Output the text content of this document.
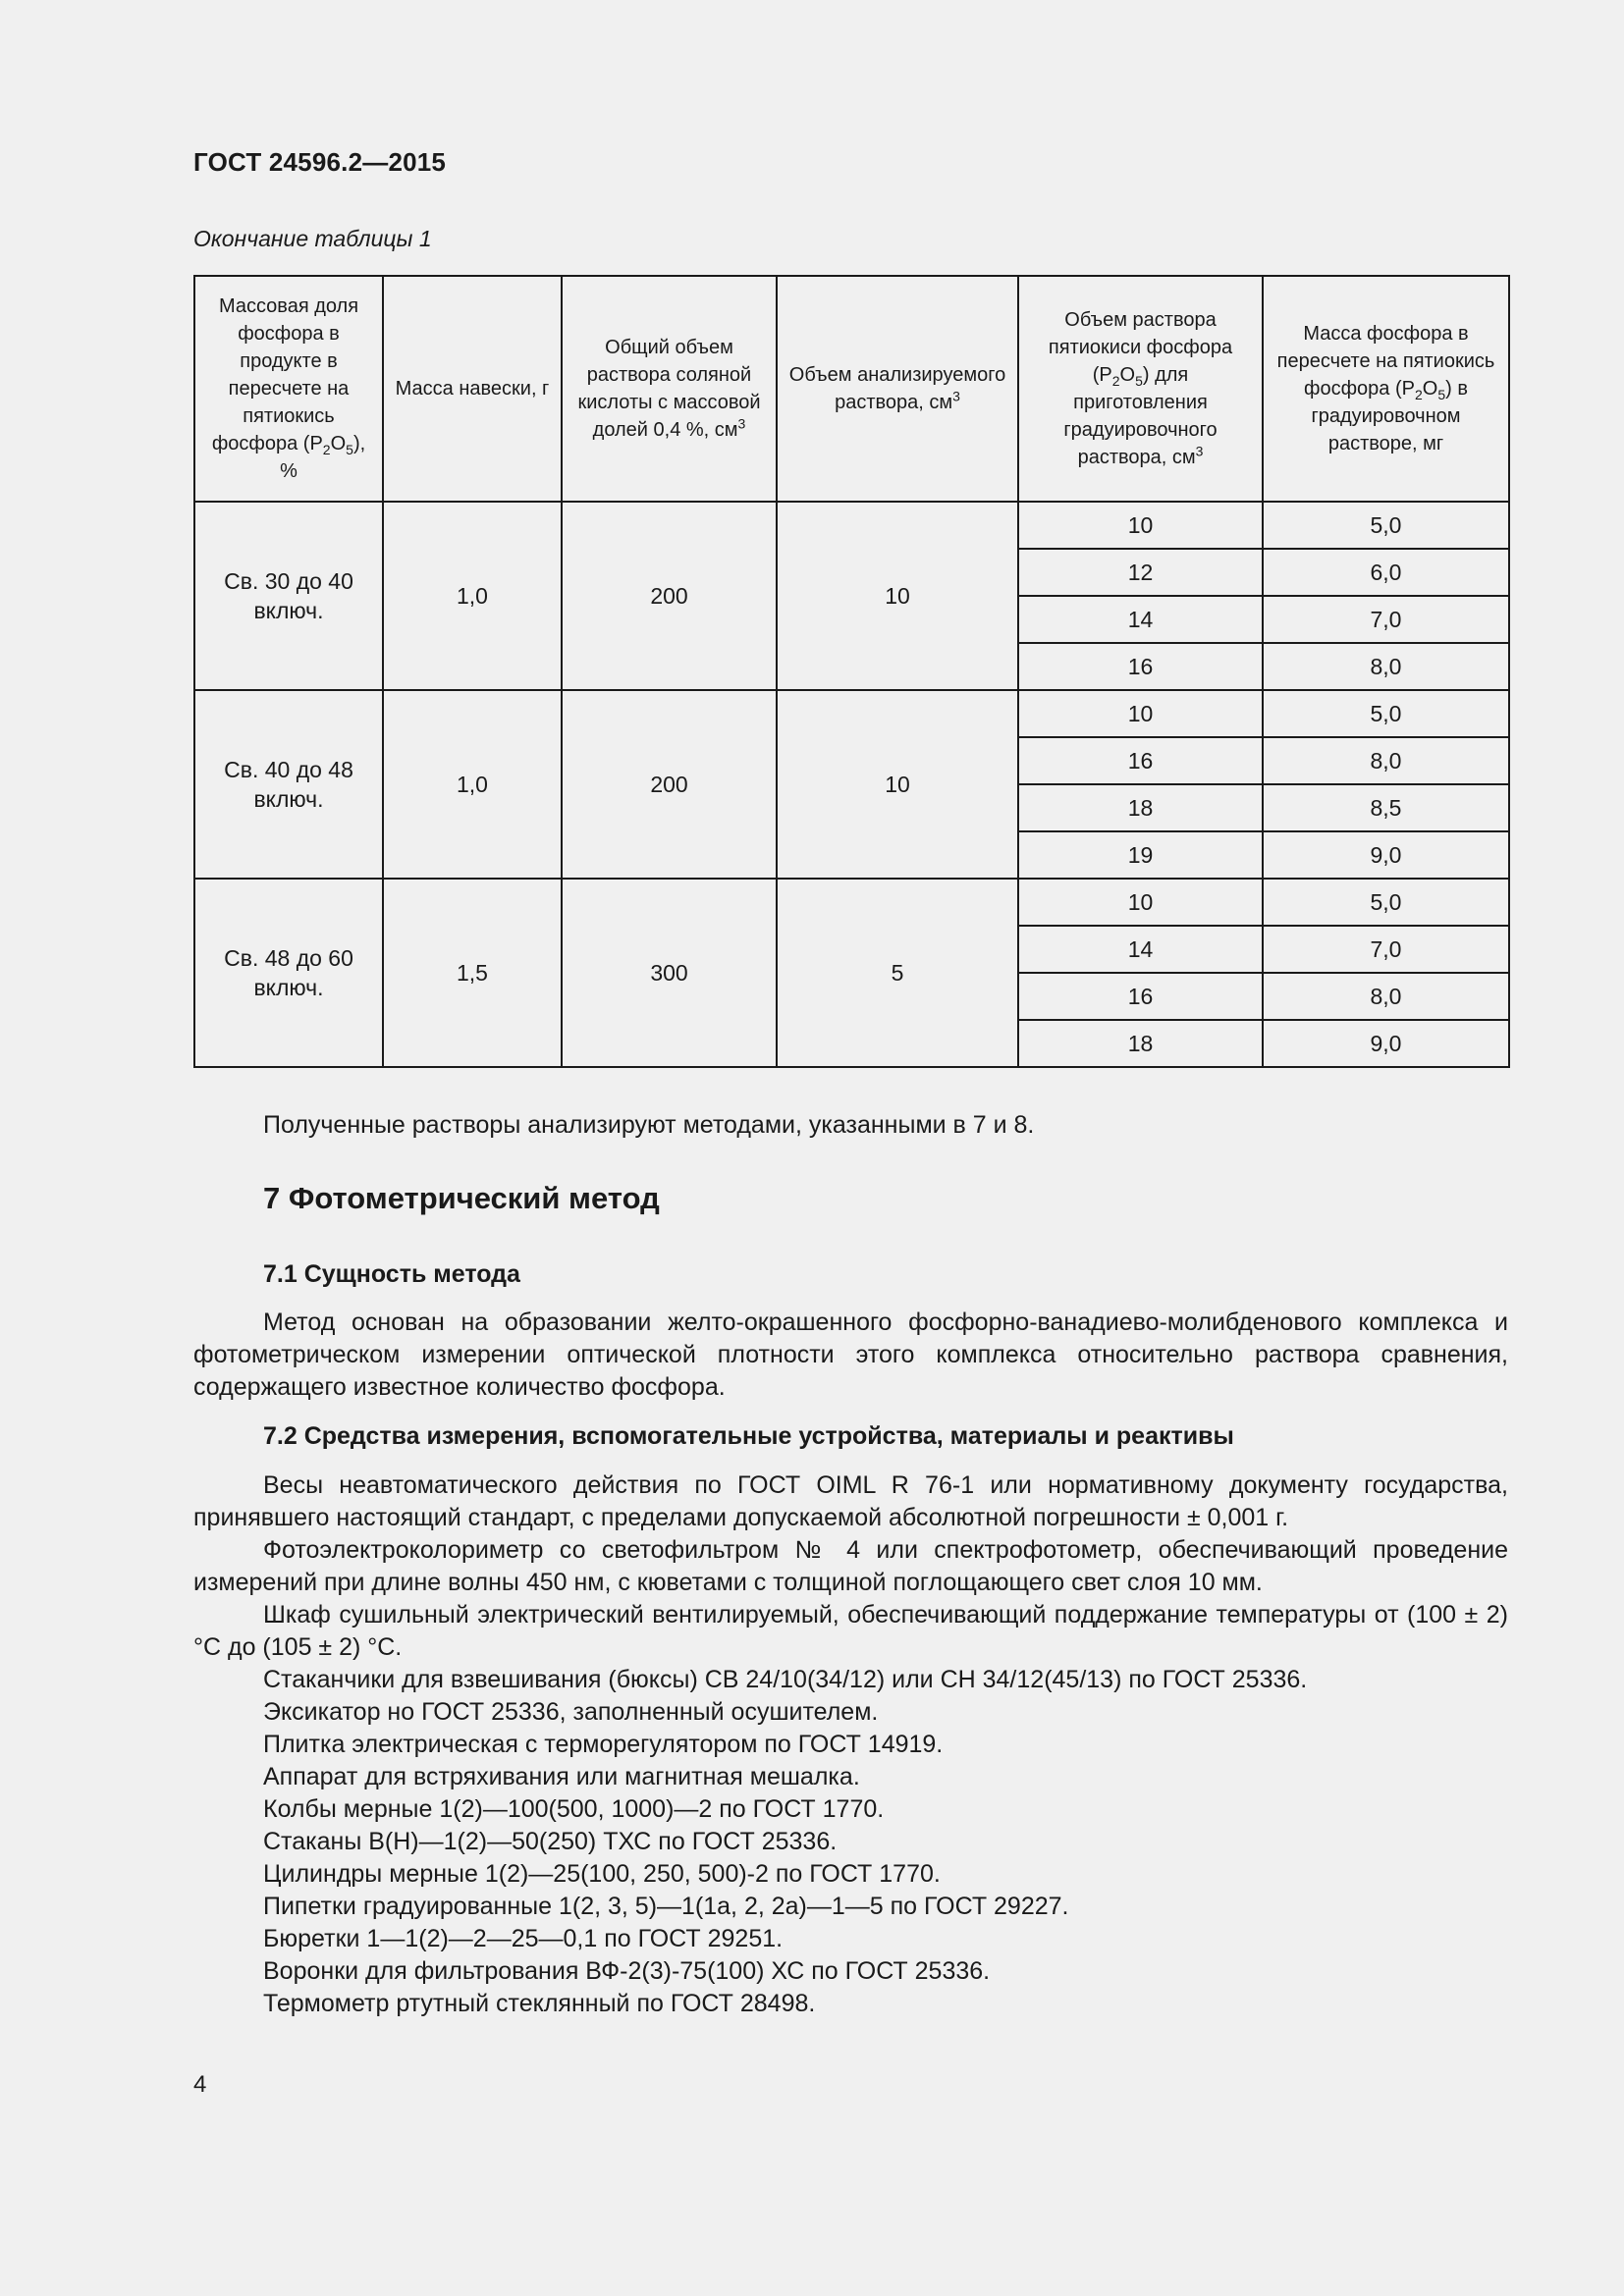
ГОСТ 24596.2—2015
Окончание таблицы 1
Массовая доля фосфора в продукте в пересчете на пятиокись фосфора $(P_2O_5)$, %	Масса навески, г	Общий объем раствора соляной кислоты с массовой долей 0,4 %, $см^3$	Объем анализируемого раствора, $см^3$	Объем раствора пятиокиси фосфора $(P_2O_5)$ для приготовления градуировочного раствора, $см^3$	Масса фосфора в пересчете на пятиокись фосфора $(P_2O_5)$ в градуировочном растворе, мг
Св. 30 до 40 включ.	1,0	200	10	10	5,0
				12	6,0
				14	7,0
				16	8,0
Св. 40 до 48 включ.	1,0	200	10	10	5,0
				16	8,0
				18	8,5
				19	9,0
Св. 48 до 60 включ.	1,5	300	5	10	5,0
				14	7,0
				16	8,0
				18	9,0
Полученные растворы анализируют методами, указанными в 7 и 8.
7 Фотометрический метод
7.1 Сущность метода
Метод основан на образовании желто-окрашенного фосфорно-ванадиево-молибденового комплекса и фотометрическом измерении оптической плотности этого комплекса относительно раствора сравнения, содержащего известное количество фосфора.
7.2 Средства измерения, вспомогательные устройства, материалы и реактивы
Весы неавтоматического действия по ГОСТ OIML R 76-1 или нормативному документу государства, принявшего настоящий стандарт, с пределами допускаемой абсолютной погрешности ± 0,001 г.
Фотоэлектроколориметр со светофильтром № 4 или спектрофотометр, обеспечивающий проведение измерений при длине волны 450 нм, с кюветами с толщиной поглощающего свет слоя 10 мм.
Шкаф сушильный электрический вентилируемый, обеспечивающий поддержание температуры от (100 ± 2) °С до (105 ± 2) °С.
Стаканчики для взвешивания (бюксы) СВ 24/10(34/12) или СН 34/12(45/13) по ГОСТ 25336.
Эксикатор но ГОСТ 25336, заполненный осушителем.
Плитка электрическая с терморегулятором по ГОСТ 14919.
Аппарат для встряхивания или магнитная мешалка.
Колбы мерные 1(2)—100(500, 1000)—2 по ГОСТ 1770.
Стаканы В(Н)—1(2)—50(250) ТХС по ГОСТ 25336.
Цилиндры мерные 1(2)—25(100, 250, 500)-2 по ГОСТ 1770.
Пипетки градуированные 1(2, 3, 5)—1(1а, 2, 2а)—1—5 по ГОСТ 29227.
Бюретки 1—1(2)—2—25—0,1 по ГОСТ 29251.
Воронки для фильтрования ВФ-2(3)-75(100) ХС по ГОСТ 25336.
Термометр ртутный стеклянный по ГОСТ 28498.
4
